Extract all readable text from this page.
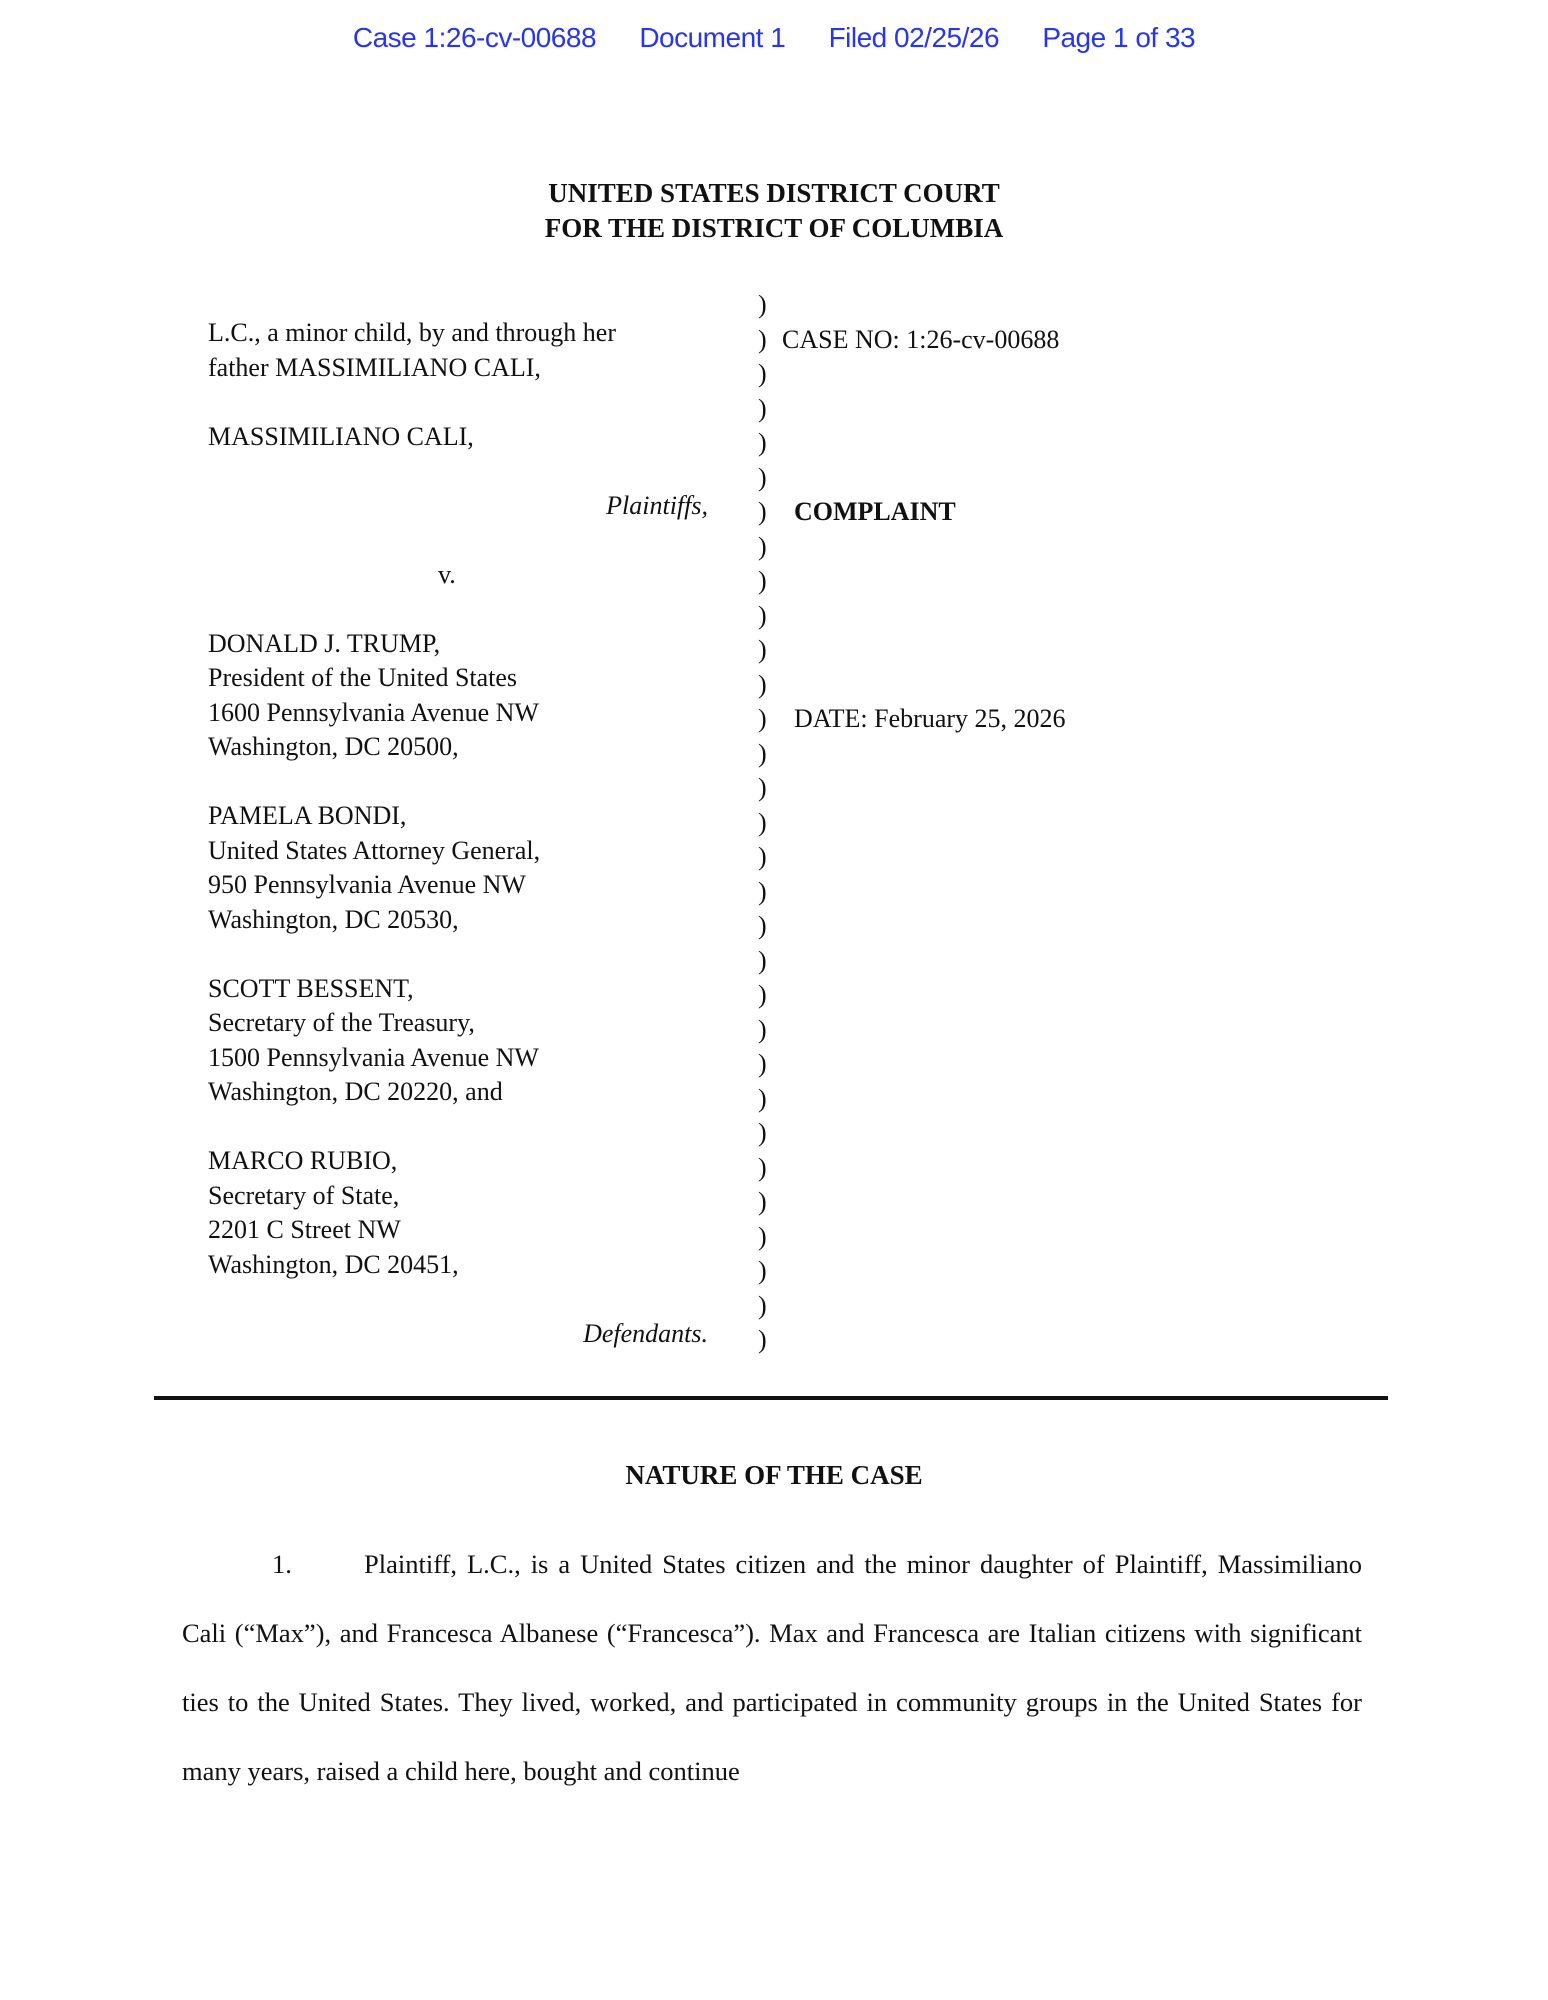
Case 1:26-cv-00688 Document 1 Filed 02/25/26 Page 1 of 33
UNITED STATES DISTRICT COURT
FOR THE DISTRICT OF COLUMBIA
L.C., a minor child, by and through her
father MASSIMILIANO CALI,
MASSIMILIANO CALI,
Plaintiffs,
v.
DONALD J. TRUMP,
President of the United States
1600 Pennsylvania Avenue NW
Washington, DC 20500,
PAMELA BONDI,
United States Attorney General,
950 Pennsylvania Avenue NW
Washington, DC 20530,
SCOTT BESSENT,
Secretary of the Treasury,
1500 Pennsylvania Avenue NW
Washington, DC 20220, and
MARCO RUBIO,
Secretary of State,
2201 C Street NW
Washington, DC 20451,
Defendants.
)
)
)
)
)
)
)
)
)
)
)
)
)
)
)
)
)
)
)
)
)
)
)
)
)
)
)
)
)
)
)
CASE NO: 1:26-cv-00688
COMPLAINT
DATE: February 25, 2026
NATURE OF THE CASE
1.	Plaintiff, L.C., is a United States citizen and the minor daughter of Plaintiff, Massimiliano Cali (“Max”), and Francesca Albanese (“Francesca”). Max and Francesca are Italian citizens with significant ties to the United States. They lived, worked, and participated in community groups in the United States for many years, raised a child here, bought and continue
